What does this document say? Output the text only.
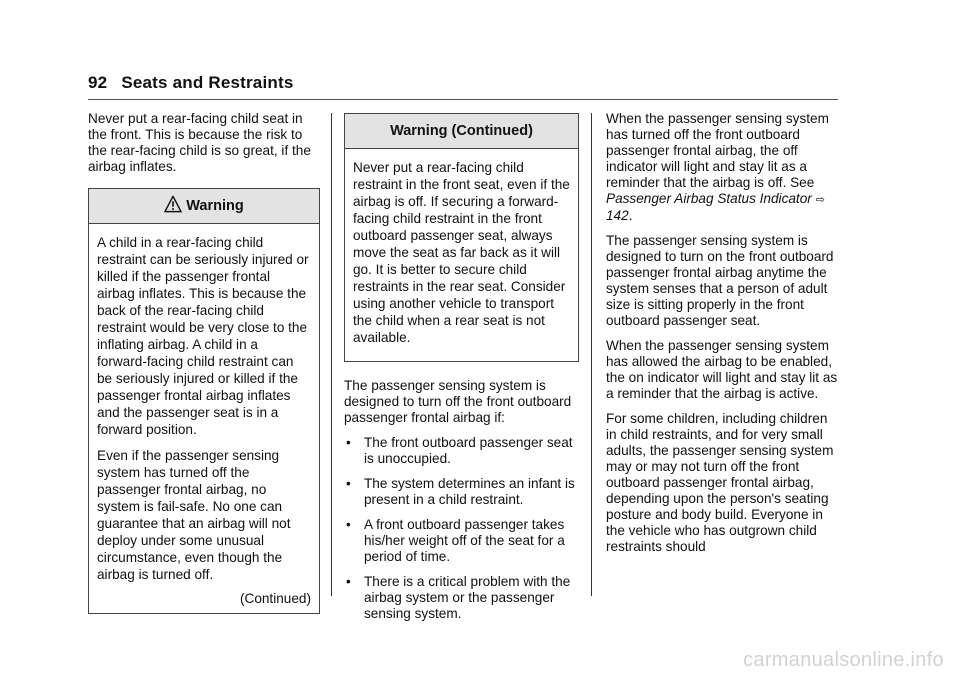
92 Seats and Restraints

Never put a rear-facing child seat in the front. This is because the risk to the rear-facing child is so great, if the airbag inflates.

Warning

A child in a rear-facing child restraint can be seriously injured or killed if the passenger frontal airbag inflates. This is because the back of the rear-facing child restraint would be very close to the inflating airbag. A child in a forward-facing child restraint can be seriously injured or killed if the passenger frontal airbag inflates and the passenger seat is in a forward position.

Even if the passenger sensing system has turned off the passenger frontal airbag, no system is fail-safe. No one can guarantee that an airbag will not deploy under some unusual circumstance, even though the airbag is turned off.

(Continued)
Warning (Continued)

Never put a rear-facing child restraint in the front seat, even if the airbag is off. If securing a forward-facing child restraint in the front outboard passenger seat, always move the seat as far back as it will go. It is better to secure child restraints in the rear seat. Consider using another vehicle to transport the child when a rear seat is not available.

The passenger sensing system is designed to turn off the front outboard passenger frontal airbag if:

• The front outboard passenger seat is unoccupied.
• The system determines an infant is present in a child restraint.
• A front outboard passenger takes his/her weight off of the seat for a period of time.
• There is a critical problem with the airbag system or the passenger sensing system.

When the passenger sensing system has turned off the front outboard passenger frontal airbag, the off indicator will light and stay lit as a reminder that the airbag is off. See Passenger Airbag Status Indicator ⇨ 142.

The passenger sensing system is designed to turn on the front outboard passenger frontal airbag anytime the system senses that a person of adult size is sitting properly in the front outboard passenger seat.

When the passenger sensing system has allowed the airbag to be enabled, the on indicator will light and stay lit as a reminder that the airbag is active.

For some children, including children in child restraints, and for very small adults, the passenger sensing system may or may not turn off the front outboard passenger frontal airbag, depending upon the person's seating posture and body build. Everyone in the vehicle who has outgrown child restraints should

carmanualsonline.info
